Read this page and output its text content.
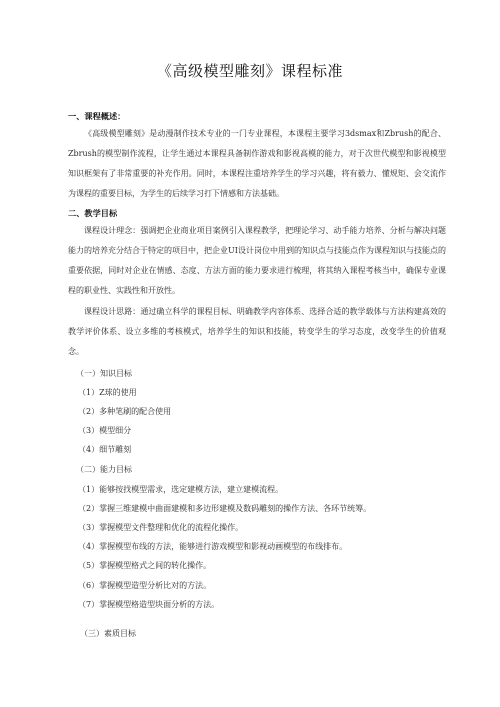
《高级模型雕刻》课程标准
一、课程概述：

《高级模型雕刻》是动漫制作技术专业的一门专业课程，本课程主要学习3dsmax和Zbrush的配合、Zbrush的模型制作流程，让学生通过本课程具备制作游戏和影视高模的能力，对于次世代模型和影视模型知识框架有了非常重要的补充作用。同时，本课程注重培养学生的学习兴趣，将有毅力、懂规矩、会交流作为课程的重要目标，为学生的后续学习打下情感和方法基础。

二、教学目标

课程设计理念：强调把企业商业项目案例引入课程教学，把理论学习、动手能力培养、分析与解决问题能力的培养充分结合于特定的项目中，把企业UI设计岗位中用到的知识点与技能点作为课程知识与技能点的重要依据，同时对企业在情感、态度、方法方面的能力要求进行梳理，将其纳入课程考核当中，确保专业课程的职业性、实践性和开放性。

课程设计思路：通过确立科学的课程目标、明确教学内容体系、选择合适的教学载体与方法构建高效的教学评价体系、设立多维的考核模式，培养学生的知识和技能，转变学生的学习态度，改变学生的价值观念。

（一）知识目标
（1）Z球的使用
（2）多种笔刷的配合使用
（3）模型细分
（4）细节雕刻
（二）能力目标
（1）能够按找模型需求，选定建模方法，建立建模流程。
（2）掌握三维建模中曲面建模和多边形建模及数码雕刻的操作方法、各环节统筹。
（3）掌握模型文件整理和优化的流程化操作。
（4）掌握模型布线的方法，能够进行游戏模型和影视动画模型的布线排布。
（5）掌握模型格式之间的转化操作。
（6）掌握模型造型分析比对的方法。
（7）掌握模型格造型块面分析的方法。
（三）素质目标
